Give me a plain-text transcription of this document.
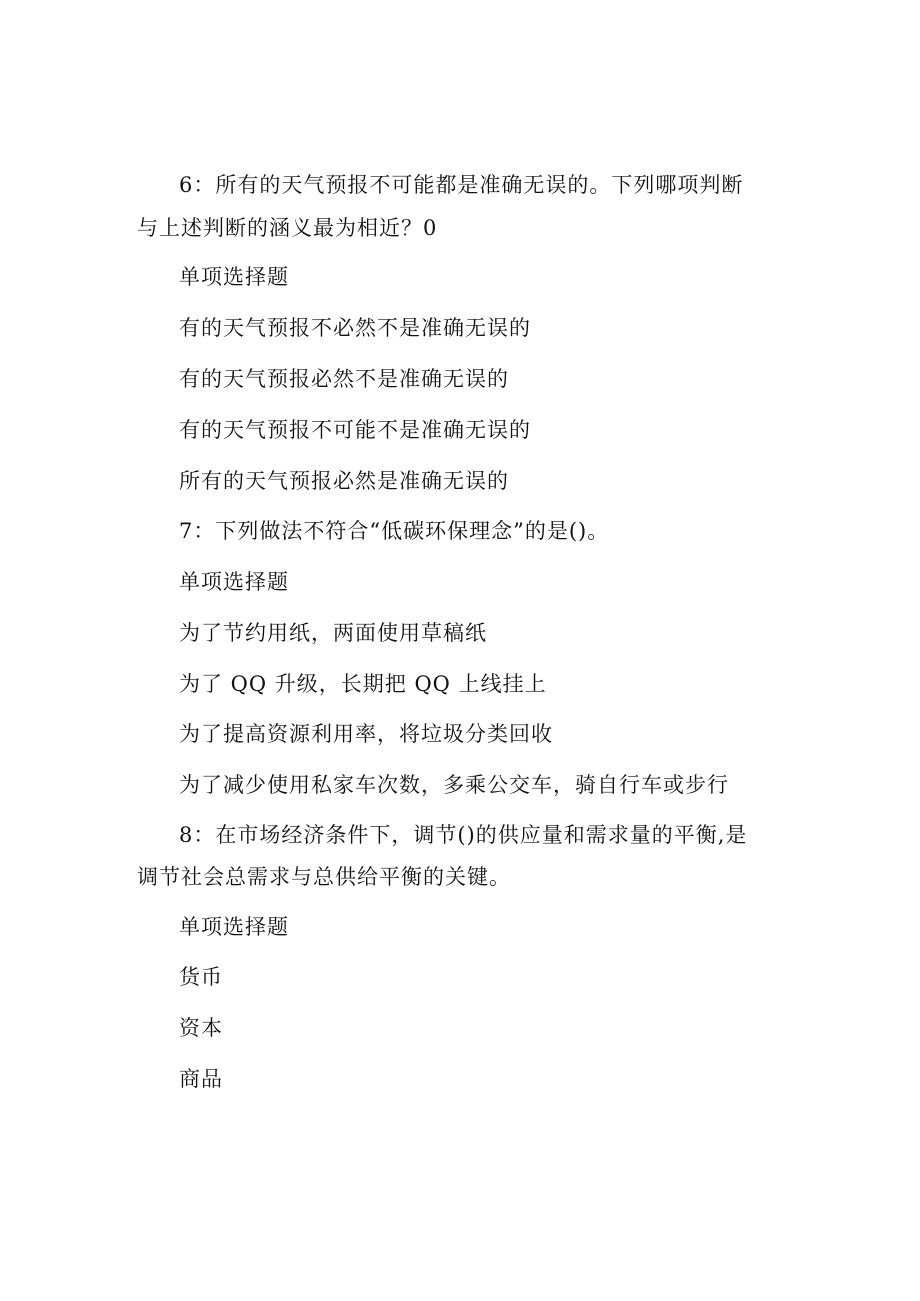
6：所有的天气预报不可能都是准确无误的。下列哪项判断
与上述判断的涵义最为相近？0
单项选择题
有的天气预报不必然不是准确无误的
有的天气预报必然不是准确无误的
有的天气预报不可能不是准确无误的
所有的天气预报必然是准确无误的
7：下列做法不符合“低碳环保理念”的是()。
单项选择题
为了节约用纸，两面使用草稿纸
为了 QQ 升级，长期把 QQ 上线挂上
为了提高资源利用率，将垃圾分类回收
为了减少使用私家车次数，多乘公交车，骑自行车或步行
8：在市场经济条件下，调节()的供应量和需求量的平衡,是
调节社会总需求与总供给平衡的关键。
单项选择题
货币
资本
商品
